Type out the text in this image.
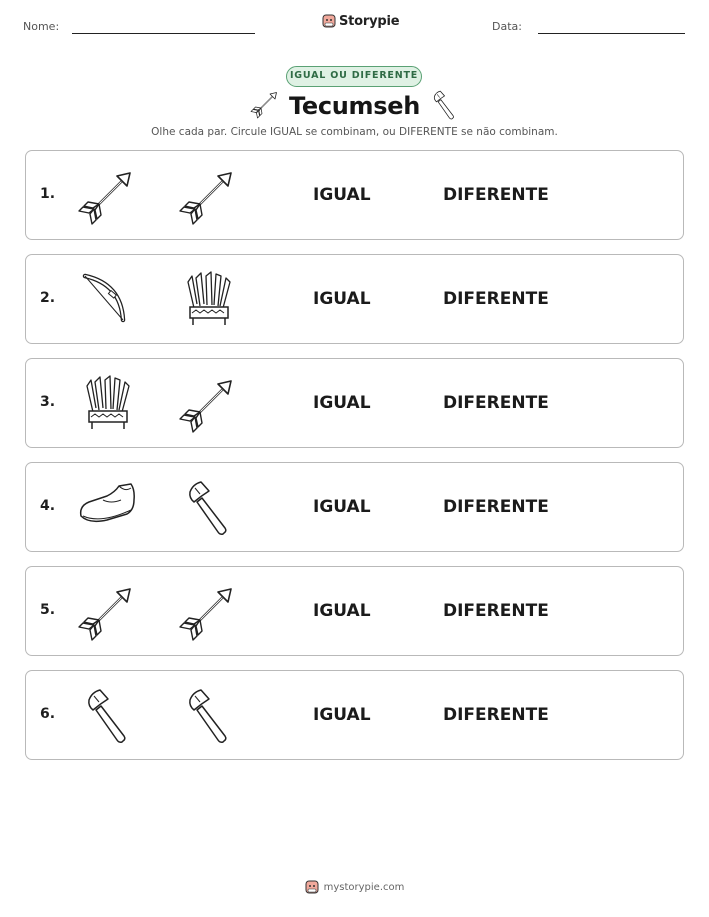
Nome:	Storypie	Data:
IGUAL OU DIFERENTE
Tecumseh
Olhe cada par. Circule IGUAL se combinam, ou DIFERENTE se não combinam.
1.	IGUAL	DIFERENTE
2.	IGUAL	DIFERENTE
3.	IGUAL	DIFERENTE
4.	IGUAL	DIFERENTE
5.	IGUAL	DIFERENTE
6.	IGUAL	DIFERENTE
mystorypie.com
